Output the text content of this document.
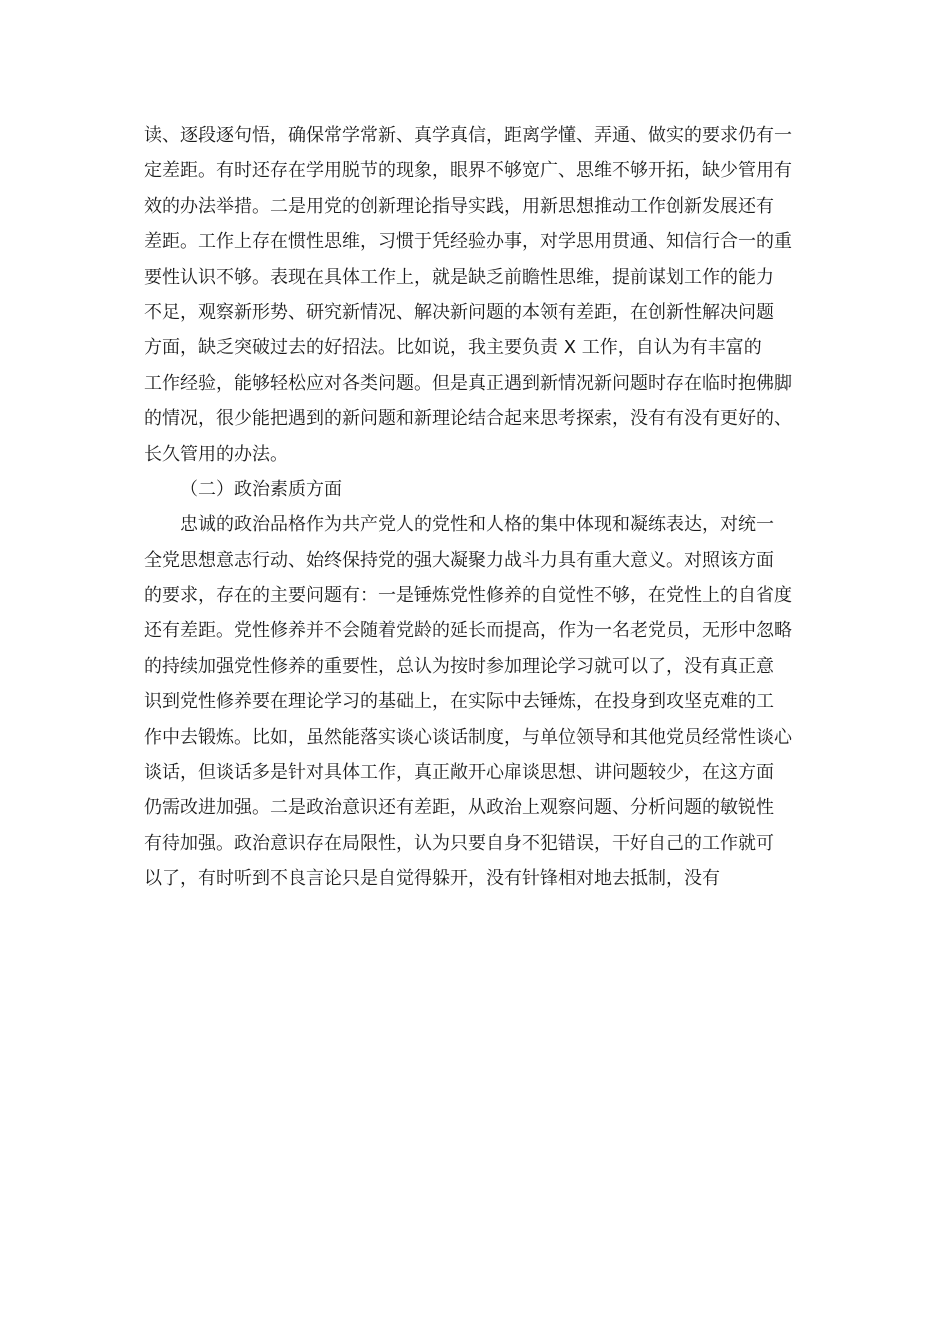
读、逐段逐句悟，确保常学常新、真学真信，距离学懂、弄通、做实的要求仍有一
定差距。有时还存在学用脱节的现象，眼界不够宽广、思维不够开拓，缺少管用有
效的办法举措。二是用党的创新理论指导实践，用新思想推动工作创新发展还有
差距。工作上存在惯性思维，习惯于凭经验办事，对学思用贯通、知信行合一的重
要性认识不够。表现在具体工作上，就是缺乏前瞻性思维，提前谋划工作的能力
不足，观察新形势、研究新情况、解决新问题的本领有差距，在创新性解决问题
方面，缺乏突破过去的好招法。比如说，我主要负责 X 工作，自认为有丰富的
工作经验，能够轻松应对各类问题。但是真正遇到新情况新问题时存在临时抱佛脚
的情况，很少能把遇到的新问题和新理论结合起来思考探索，没有有没有更好的、
长久管用的办法。
（二）政治素质方面
忠诚的政治品格作为共产党人的党性和人格的集中体现和凝练表达，对统一
全党思想意志行动、始终保持党的强大凝聚力战斗力具有重大意义。对照该方面
的要求，存在的主要问题有：一是锤炼党性修养的自觉性不够，在党性上的自省度
还有差距。党性修养并不会随着党龄的延长而提高，作为一名老党员，无形中忽略
的持续加强党性修养的重要性，总认为按时参加理论学习就可以了，没有真正意
识到党性修养要在理论学习的基础上，在实际中去锤炼，在投身到攻坚克难的工
作中去锻炼。比如，虽然能落实谈心谈话制度，与单位领导和其他党员经常性谈心
谈话，但谈话多是针对具体工作，真正敞开心扉谈思想、讲问题较少，在这方面
仍需改进加强。二是政治意识还有差距，从政治上观察问题、分析问题的敏锐性
有待加强。政治意识存在局限性，认为只要自身不犯错误，干好自己的工作就可
以了，有时听到不良言论只是自觉得躲开，没有针锋相对地去抵制，没有
